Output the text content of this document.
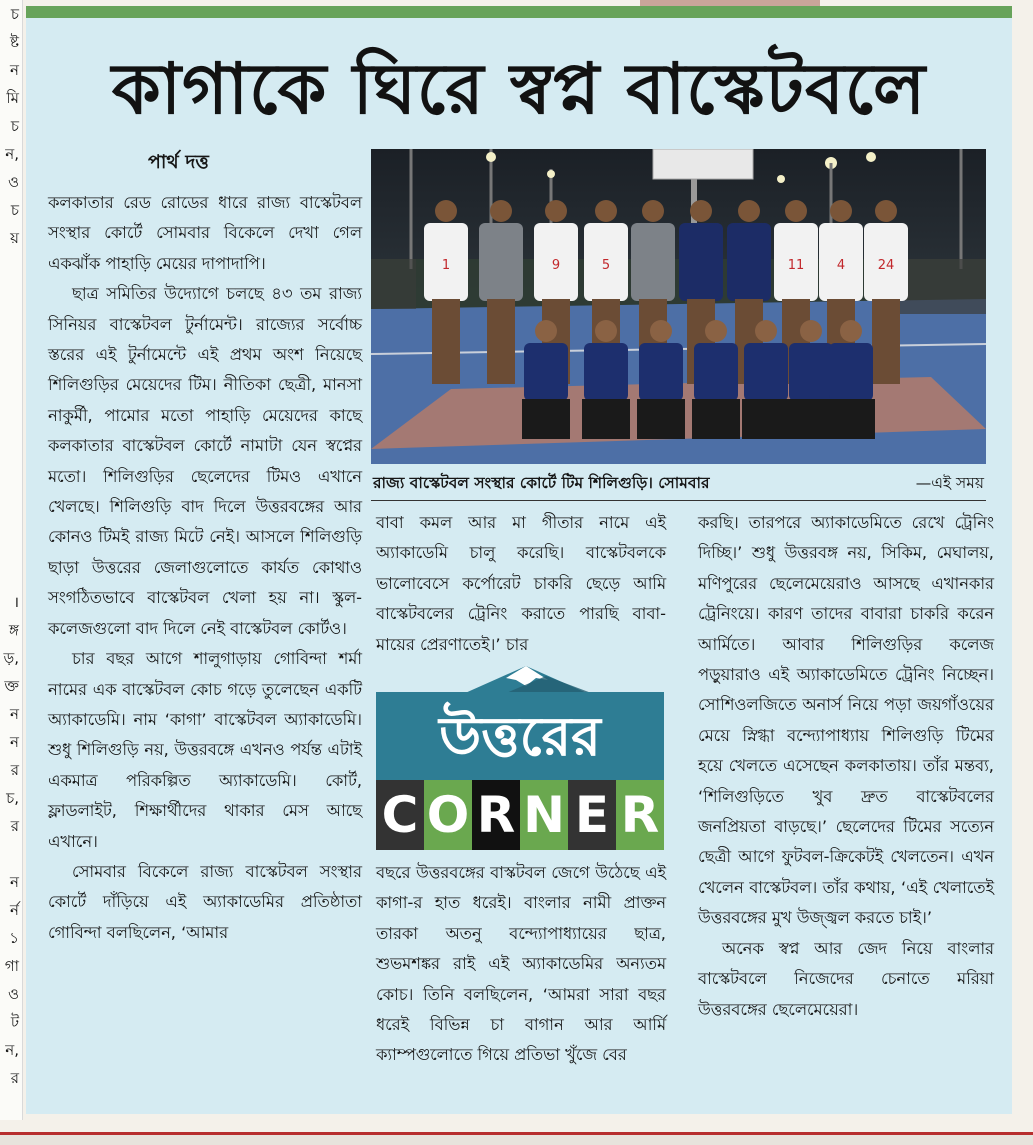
চ
ষ্ট
ন
মি
চ
ন,
ও
চ
য়
।
ঙ্গ
ড়,
ক্ত
ন
ন
র
চ,
র
ন
র্ন
১
গা
ও
ট
ন,
র
কাগাকে ঘিরে স্বপ্ন বাস্কেটবলে
পার্থ দত্ত

কলকাতার রেড রোডের ধারে রাজ্য বাস্কেটবল সংস্থার কোর্টে সোমবার বিকেলে দেখা গেল একঝাঁক পাহাড়ি মেয়ের দাপাদাপি।

ছাত্র সমিতির উদ্যোগে চলছে ৪৩ তম রাজ্য সিনিয়র বাস্কেটবল টুর্নামেন্ট। রাজ্যের সর্বোচ্চ স্তরের এই টুর্নামেন্টে এই প্রথম অংশ নিয়েছে শিলিগুড়ির মেয়েদের টিম। নীতিকা ছেত্রী, মানসা নাকুর্মী, পামোর মতো পাহাড়ি মেয়েদের কাছে কলকাতার বাস্কেটবল কোর্টে নামাটা যেন স্বপ্নের মতো। শিলিগুড়ির ছেলেদের টিমও এখানে খেলছে। শিলিগুড়ি বাদ দিলে উত্তরবঙ্গের আর কোনও টিমই রাজ্য মিটে নেই। আসলে শিলিগুড়ি ছাড়া উত্তরের জেলাগুলোতে কার্যত কোথাও সংগঠিতভাবে বাস্কেটবল খেলা হয় না। স্কুল-কলেজগুলো বাদ দিলে নেই বাস্কেটবল কোর্টও।

চার বছর আগে শালুগাড়ায় গোবিন্দা শর্মা নামের এক বাস্কেটবল কোচ গড়ে তুলেছেন একটি অ্যাকাডেমি। নাম ‘কাগা’ বাস্কেটবল অ্যাকাডেমি। শুধু শিলিগুড়ি নয়, উত্তরবঙ্গে এখনও পর্যন্ত এটাই একমাত্র পরিকল্পিত অ্যাকাডেমি। কোর্ট, ফ্লাডলাইট, শিক্ষার্থীদের থাকার মেস আছে এখানে।

সোমবার বিকেলে রাজ্য বাস্কেটবল সংস্থার কোর্টে দাঁড়িয়ে এই অ্যাকাডেমির প্রতিষ্ঠাতা গোবিন্দা বলছিলেন, ‘আমার

1	9	5	11	4	24
রাজ্য বাস্কেটবল সংস্থার কোর্টে টিম শিলিগুড়ি। সোমবার	—এই সময়

বাবা কমল আর মা গীতার নামে এই অ্যাকাডেমি চালু করেছি। বাস্কেটবলকে ভালোবেসে কর্পোরেট চাকরি ছেড়ে আমি বাস্কেটবলের ট্রেনিং করাতে পারছি বাবা-মায়ের প্রেরণাতেই।’ চার

উত্তরের
C O R N E R

বছরে উত্তরবঙ্গের বাস্কটবল জেগে উঠেছে এই কাগা-র হাত ধরেই। বাংলার নামী প্রাক্তন তারকা অতনু বন্দ্যোপাধ্যায়ের ছাত্র, শুভমশঙ্কর রাই এই অ্যাকাডেমির অন্যতম কোচ। তিনি বলছিলেন, ‘আমরা সারা বছর ধরেই বিভিন্ন চা বাগান আর আর্মি ক্যাম্পগুলোতে গিয়ে প্রতিভা খুঁজে বের

করছি। তারপরে অ্যাকাডেমিতে রেখে ট্রেনিং দিচ্ছি।’ শুধু উত্তরবঙ্গ নয়, সিকিম, মেঘালয়, মণিপুরের ছেলেমেয়েরাও আসছে এখানকার ট্রেনিংয়ে। কারণ তাদের বাবারা চাকরি করেন আর্মিতে। আবার শিলিগুড়ির কলেজ পড়ুয়ারাও এই অ্যাকাডেমিতে ট্রেনিং নিচ্ছেন। সোশিওলজিতে অনার্স নিয়ে পড়া জয়গাঁওয়ের মেয়ে স্নিগ্ধা বন্দ্যোপাধ্যায় শিলিগুড়ি টিমের হয়ে খেলতে এসেছেন কলকাতায়। তাঁর মন্তব্য, ‘শিলিগুড়িতে খুব দ্রুত বাস্কেটবলের জনপ্রিয়তা বাড়ছে।’ ছেলেদের টিমের সত্যেন ছেত্রী আগে ফুটবল-ক্রিকেটই খেলতেন। এখন খেলেন বাস্কেটবল। তাঁর কথায়, ‘এই খেলাতেই উত্তরবঙ্গের মুখ উজ্জ্বল করতে চাই।’

অনেক স্বপ্ন আর জেদ নিয়ে বাংলার বাস্কেটবলে নিজেদের চেনাতে মরিয়া উত্তরবঙ্গের ছেলেমেয়েরা।
